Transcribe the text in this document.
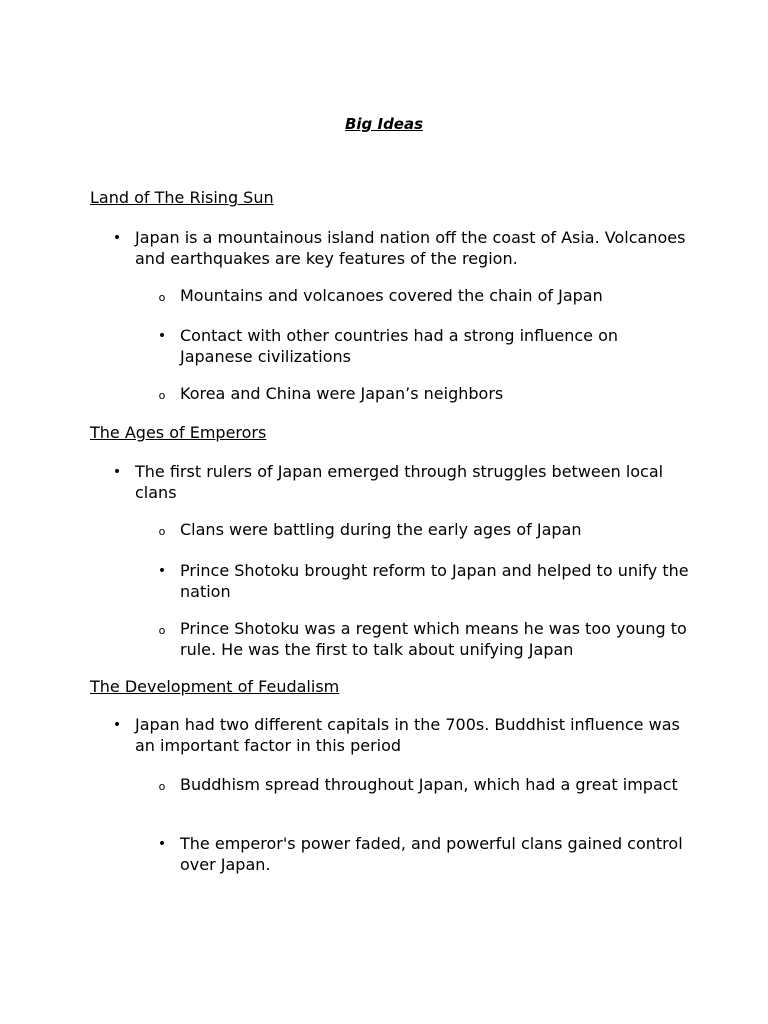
Big Ideas
Land of The Rising Sun
• Japan is a mountainous island nation off the coast of Asia. Volcanoes and earthquakes are key features of the region.
o Mountains and volcanoes covered the chain of Japan
• Contact with other countries had a strong influence on Japanese civilizations
o Korea and China were Japan’s neighbors
The Ages of Emperors
• The first rulers of Japan emerged through struggles between local clans
o Clans were battling during the early ages of Japan
• Prince Shotoku brought reform to Japan and helped to unify the nation
o Prince Shotoku was a regent which means he was too young to rule. He was the first to talk about unifying Japan
The Development of Feudalism
• Japan had two different capitals in the 700s. Buddhist influence was an important factor in this period
o Buddhism spread throughout Japan, which had a great impact
• The emperor's power faded, and powerful clans gained control over Japan.
